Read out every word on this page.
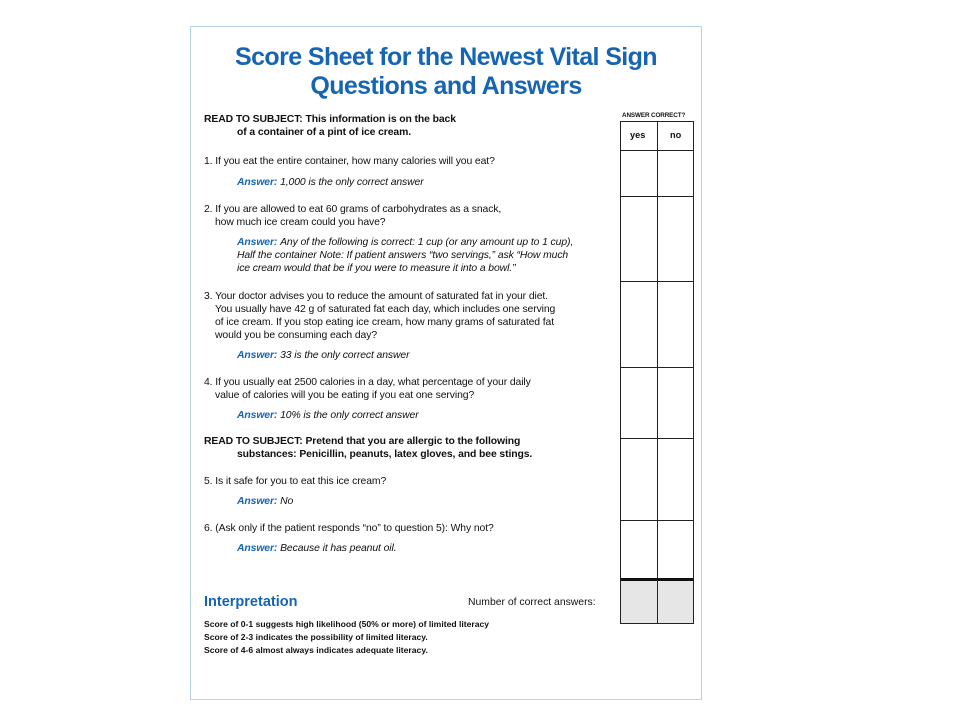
Score Sheet for the Newest Vital Sign
Questions and Answers
READ TO SUBJECT: This information is on the back
of a container of a pint of ice cream.
1. If you eat the entire container, how many calories will you eat?
Answer: 1,000 is the only correct answer
2. If you are allowed to eat 60 grams of carbohydrates as a snack,
how much ice cream could you have?
Answer: Any of the following is correct: 1 cup (or any amount up to 1 cup),
Half the container Note: If patient answers “two servings,” ask “How much
ice cream would that be if you were to measure it into a bowl.”
3. Your doctor advises you to reduce the amount of saturated fat in your diet.
You usually have 42 g of saturated fat each day, which includes one serving
of ice cream. If you stop eating ice cream, how many grams of saturated fat
would you be consuming each day?
Answer: 33 is the only correct answer
4. If you usually eat 2500 calories in a day, what percentage of your daily
value of calories will you be eating if you eat one serving?
Answer: 10% is the only correct answer
READ TO SUBJECT: Pretend that you are allergic to the following
substances: Penicillin, peanuts, latex gloves, and bee stings.
5. Is it safe for you to eat this ice cream?
Answer: No
6. (Ask only if the patient responds “no” to question 5): Why not?
Answer: Because it has peanut oil.
Interpretation	Number of correct answers:
Score of 0-1 suggests high likelihood (50% or more) of limited literacy
Score of 2-3 indicates the possibility of limited literacy.
Score of 4-6 almost always indicates adequate literacy.
ANSWER CORRECT?
yes	no
